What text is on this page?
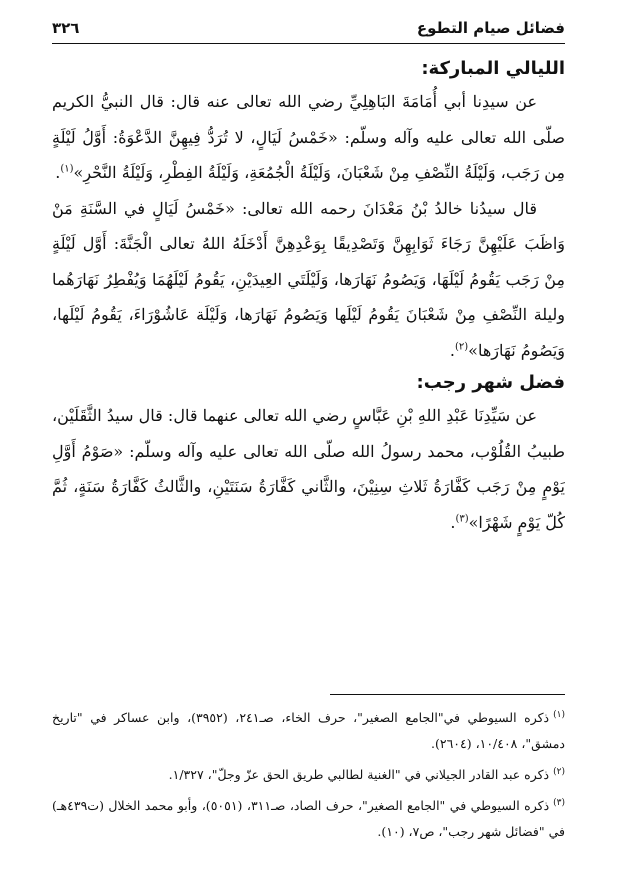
فضائل صيام التطوع
٣٢٦
الليالي المباركة:

عن سيدِنا أبي أُمَامَةَ البَاهِلِيِّ رضي الله تعالى عنه قال: قال النبيُّ الكريم صلّى الله تعالى عليه وآله وسلّم: «خَمْسُ لَيَالٍ، لا تُرَدُّ فِيهِنَّ الدَّعْوَةُ: أَوَّلُ لَيْلَةٍ مِن رَجَب، وَلَيْلَةُ النِّصْفِ مِنْ شَعْبَانَ، وَلَيْلَةُ الْجُمُعَةِ، وَلَيْلَةُ الفِطْرِ، وَلَيْلَةُ النَّحْرِ»$^{(١)}$.

قال سيدُنا خالدُ بْنُ مَعْدَانَ رحمه الله تعالى: «خَمْسُ لَيَالٍ في السَّنَةِ مَنْ وَاظَبَ عَلَيْهِنَّ رَجَاءَ ثَوَابِهِنَّ وَتَصْدِيقًا بِوَعْدِهِنَّ أَدْخَلَهُ اللهُ تعالى الْجَنَّةَ: أَوَّل لَيْلَةٍ مِنْ رَجَب يَقُومُ لَيْلَهَا، وَيَصُومُ نَهَارَها، وَلَيْلَتَي العِيدَيْنِ، يَقُومُ لَيْلَهُمَا وَيُفْطِرُ نَهَارَهُما وليلة النِّصْفِ مِنْ شَعْبَانَ يَقُومُ لَيْلَها وَيَصُومُ نَهَارَها، وَلَيْلَة عَاشُوْرَاءَ، يَقُومُ لَيْلَها، وَيَصُومُ نَهَارَها»$^{(٢)}$.

فضل شهر رجب:

عن سَيِّدِنَا عَبْدِ اللهِ بْنِ عَبَّاسٍ رضي الله تعالى عنهما قال: قال سيدُ الثَّقَلَيْن، طبيبُ القُلُوْب، محمد رسولُ الله صلّى الله تعالى عليه وآله وسلّم: «صَوْمُ أَوَّلِ يَوْمٍ مِنْ رَجَب كَفَّارَةُ ثَلاثِ سِنِيْنَ، والثَّاني كَفَّارَةُ سَنَتَيْنِ، والثَّالثُ كَفَّارَةُ سَنَةٍ، ثُمَّ كُلّ يَوْمٍ شَهْرًا»$^{(٣)}$.

$^{(١)}$ذكره السيوطي في"الجامع الصغير"، حرف الخاء، صـ٢٤١، (٣٩٥٢)، وابن عساكر في "تاريخ دمشق"، ١٠/٤٠٨، (٢٦٠٤).

$^{(٢)}$ذكره عبد القادر الجيلاني في "الغنية لطالبي طريق الحق عزّ وجلّ"، ١/٣٢٧.

$^{(٣)}$ذكره السيوطي في "الجامع الصغير"، حرف الصاد، صـ٣١١، (٥٠٥١)، وأبو محمد الخلال (ت٤٣٩هـ) في "فضائل شهر رجب"، ص٧، (١٠).
